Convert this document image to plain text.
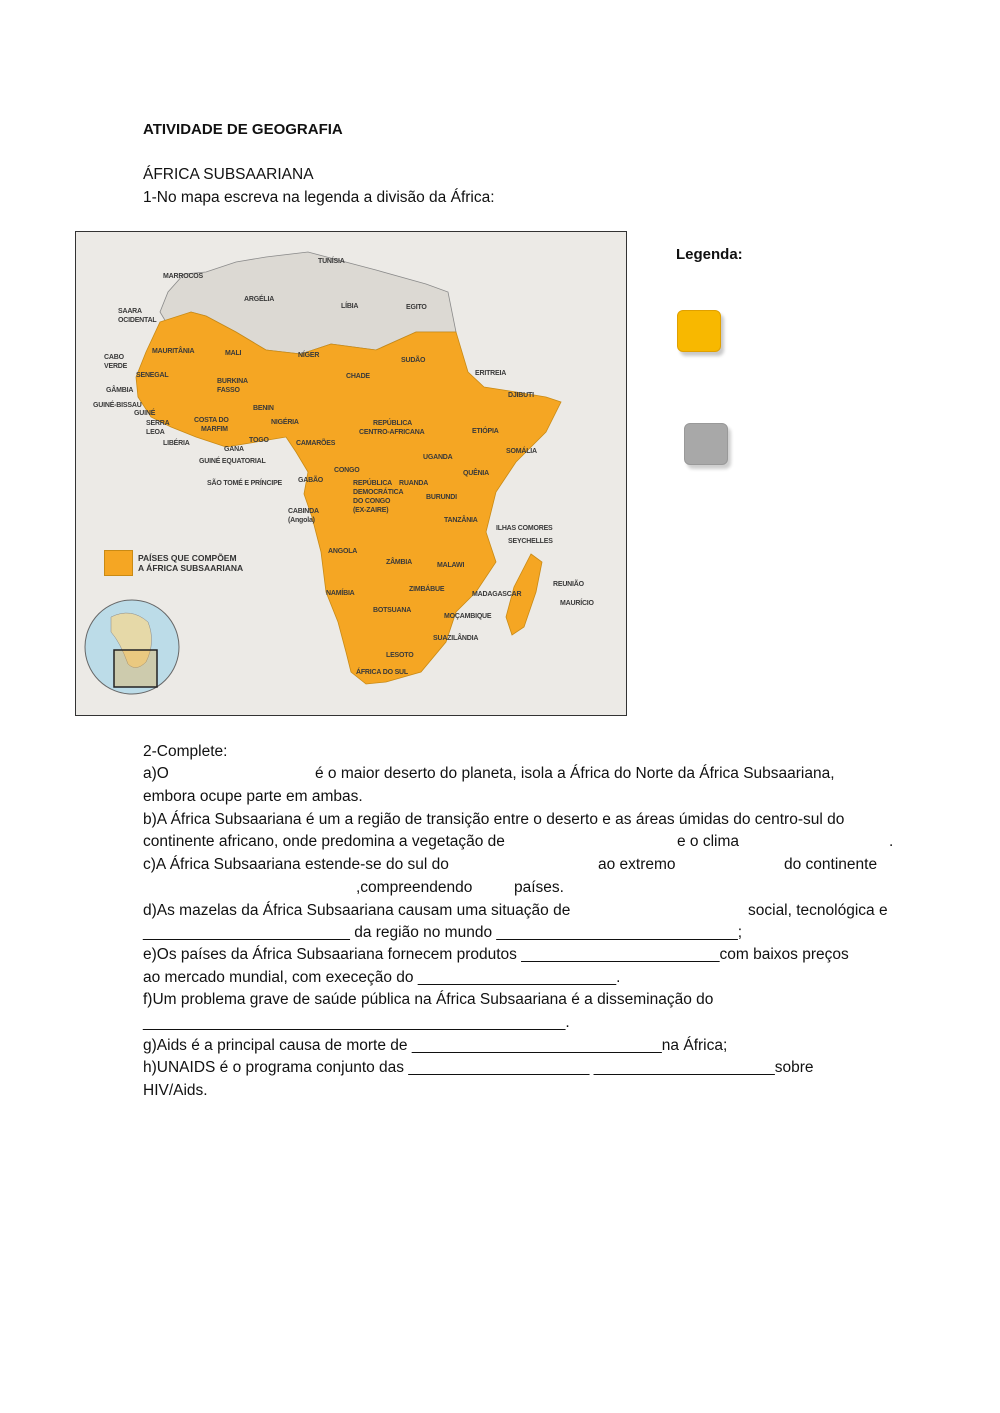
ATIVIDADE DE GEOGRAFIA
ÁFRICA SUBSAARIANA
1-No mapa escreva na legenda a divisão da África:
PAÍSES QUE COMPÕEM
A ÁFRICA SUBSAARIANA
TUNÍSIA
MARROCOS
ARGÉLIA
SAARA
OCIDENTAL
LÍBIA	EGITO
MAURITÂNIA	MALI	NÍGER
SUDÃO
CABO
VERDE
SENEGAL
BURKINA
FASSO
CHADE	ERITREIA
GÂMBIA
GUINÉ-BISSAU
DJIBUTI
GUINÉ
SERRA
LEOA
COSTA DO
MARFIM
BENIN
NIGÉRIA	REPÚBLICA
CENTRO-AFRICANA	ETIÓPIA
LIBÉRIA	TOGO
GANA
CAMARÕES
SOMÁLIA
GUINÉ EQUATORIAL
UGANDA
QUÊNIA
CONGO
SÃO TOMÉ E PRÍNCIPE GABÃO	REPÚBLICA
DEMOCRÁTICA
DO CONGO
(EX-ZAIRE)
RUANDA
BURUNDI
CABINDA
(Angola)	TANZÂNIA
ILHAS COMORES
SEYCHELLES
ANGOLA
ZÂMBIA	MALAWI
REUNIÃO
NAMÍBIA
ZIMBÁBUE
MADAGASCAR
MAURÍCIO
BOTSUANA
MOÇAMBIQUE
SUAZILÂNDIA
LESOTO
ÁFRICA DO SUL
Legenda:
2-Complete:
a)O	é o maior deserto do planeta, isola a África do Norte da África Subsaariana,
embora ocupe parte em ambas.
b)A África Subsaariana é um a região de transição entre o deserto e as áreas úmidas do centro-sul do
continente africano, onde predomina a vegetação de	e o clima	.
c)A África Subsaariana estende-se do sul do	ao extremo	do continente
,compreendendo	países.
d)As mazelas da África Subsaariana causam uma situação de	social, tecnológica e
________________________ da região no mundo ____________________________;
e)Os países da África Subsaariana fornecem produtos _______________________com baixos preços
ao mercado mundial, com execeção do _______________________.
f)Um problema grave de saúde pública na África Subsaariana é a disseminação do
_________________________________________________.
g)Aids é a principal causa de morte de _____________________________na África;
h)UNAIDS é o programa conjunto das _____________________ _____________________sobre
HIV/Aids.
